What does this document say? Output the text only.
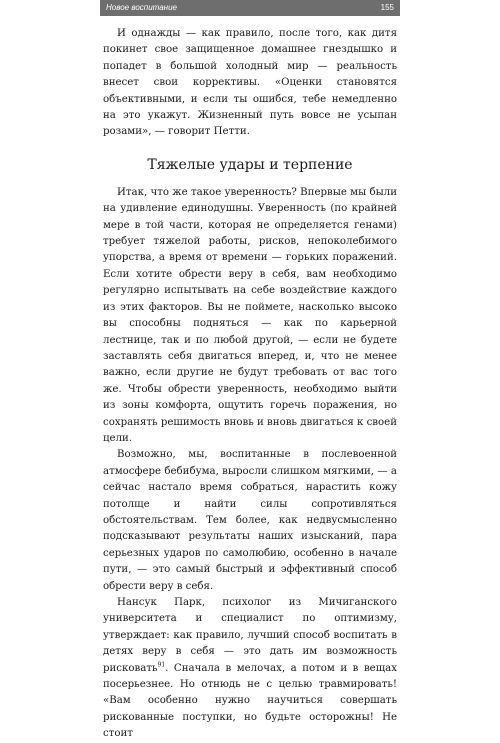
Новое воспитание	155

И однажды — как правило, после того, как дитя покинет свое защищенное домашнее гнездышко и попадет в большой холодный мир — реальность внесет свои коррективы. «Оценки становятся объективными, и если ты ошибся, тебе немедленно на это укажут. Жизненный путь вовсе не усыпан розами», — говорит Петти.

Тяжелые удары и терпение

Итак, что же такое уверенность? Впервые мы были на удивление единодушны. Уверенность (по крайней мере в той части, которая не определяется генами) требует тяжелой работы, рисков, непоколебимого упорства, а время от времени — горьких поражений. Если хотите обрести веру в себя, вам необходимо регулярно испытывать на себе воздействие каждого из этих факторов. Вы не поймете, насколько высоко вы способны подняться — как по карьерной лестнице, так и по любой другой, — если не будете заставлять себя двигаться вперед, и, что не менее важно, если другие не будут требовать от вас того же. Чтобы обрести уверенность, необходимо выйти из зоны комфорта, ощутить горечь поражения, но сохранять решимость вновь и вновь двигаться к своей цели.

Возможно, мы, воспитанные в послевоенной атмосфере бебибума, выросли слишком мягкими, — а сейчас настало время собраться, нарастить кожу потолще и найти силы сопротивляться обстоятельствам. Тем более, как недвусмысленно подсказывают результаты наших изысканий, пара серьезных ударов по самолюбию, особенно в начале пути, — это самый быстрый и эффективный способ обрести веру в себя.

Нансук Парк, психолог из Мичиганского университета и специалист по оптимизму, утверждает: как правило, лучший способ воспитать в детях веру в себя — это дать им возможность рисковать$^{91}$. Сначала в мелочах, а потом и в вещах посерьезнее. Но отнюдь не с целью травмировать! «Вам особенно нужно научиться совершать рискованные поступки, но будьте осторожны! Не стоит
